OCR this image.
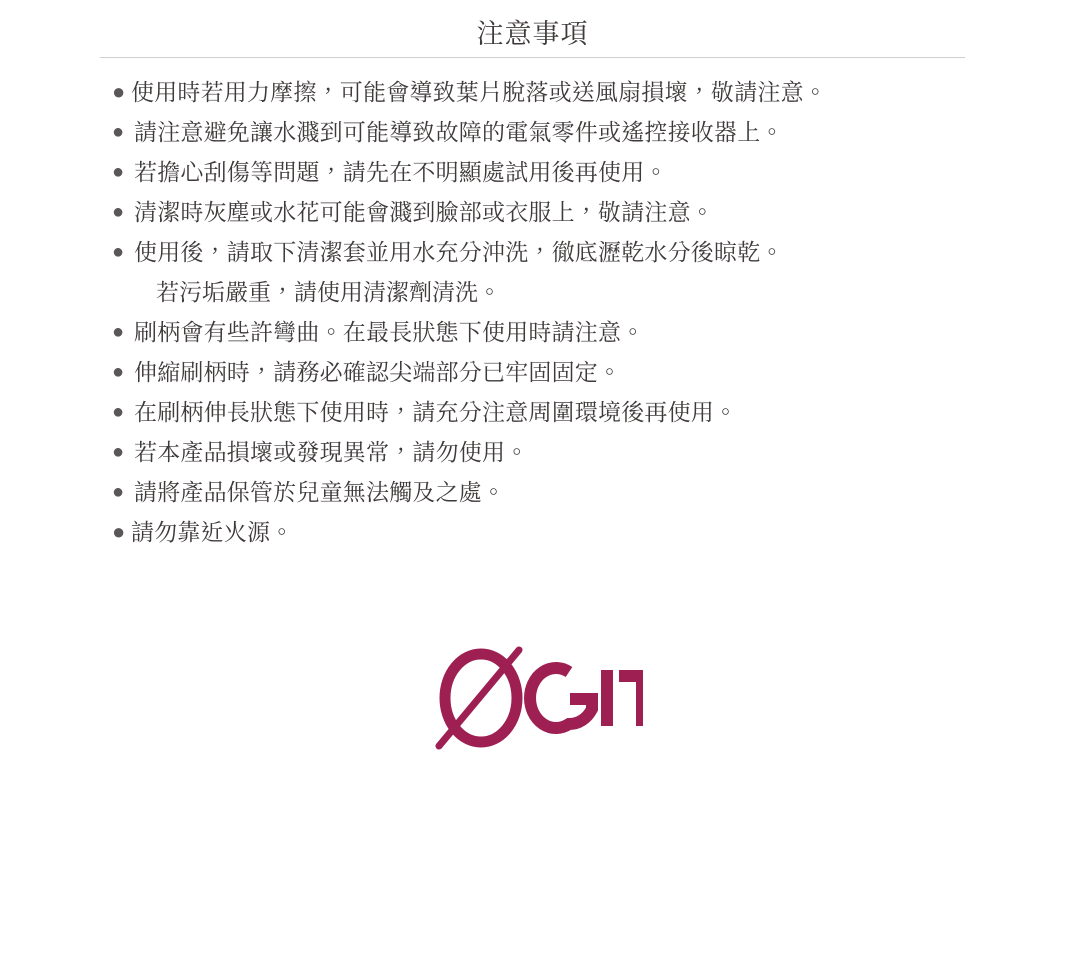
注意事項
● 使用時若用力摩擦，可能會導致葉片脫落或送風扇損壞，敬請注意。
● 請注意避免讓水濺到可能導致故障的電氣零件或遙控接收器上。
● 若擔心刮傷等問題，請先在不明顯處試用後再使用。
● 清潔時灰塵或水花可能會濺到臉部或衣服上，敬請注意。
● 使用後，請取下清潔套並用水充分沖洗，徹底瀝乾水分後晾乾。
若污垢嚴重，請使用清潔劑清洗。
● 刷柄會有些許彎曲。在最長狀態下使用時請注意。
● 伸縮刷柄時，請務必確認尖端部分已牢固固定。
● 在刷柄伸長狀態下使用時，請充分注意周圍環境後再使用。
● 若本產品損壞或發現異常，請勿使用。
● 請將產品保管於兒童無法觸及之處。
● 請勿靠近火源。
